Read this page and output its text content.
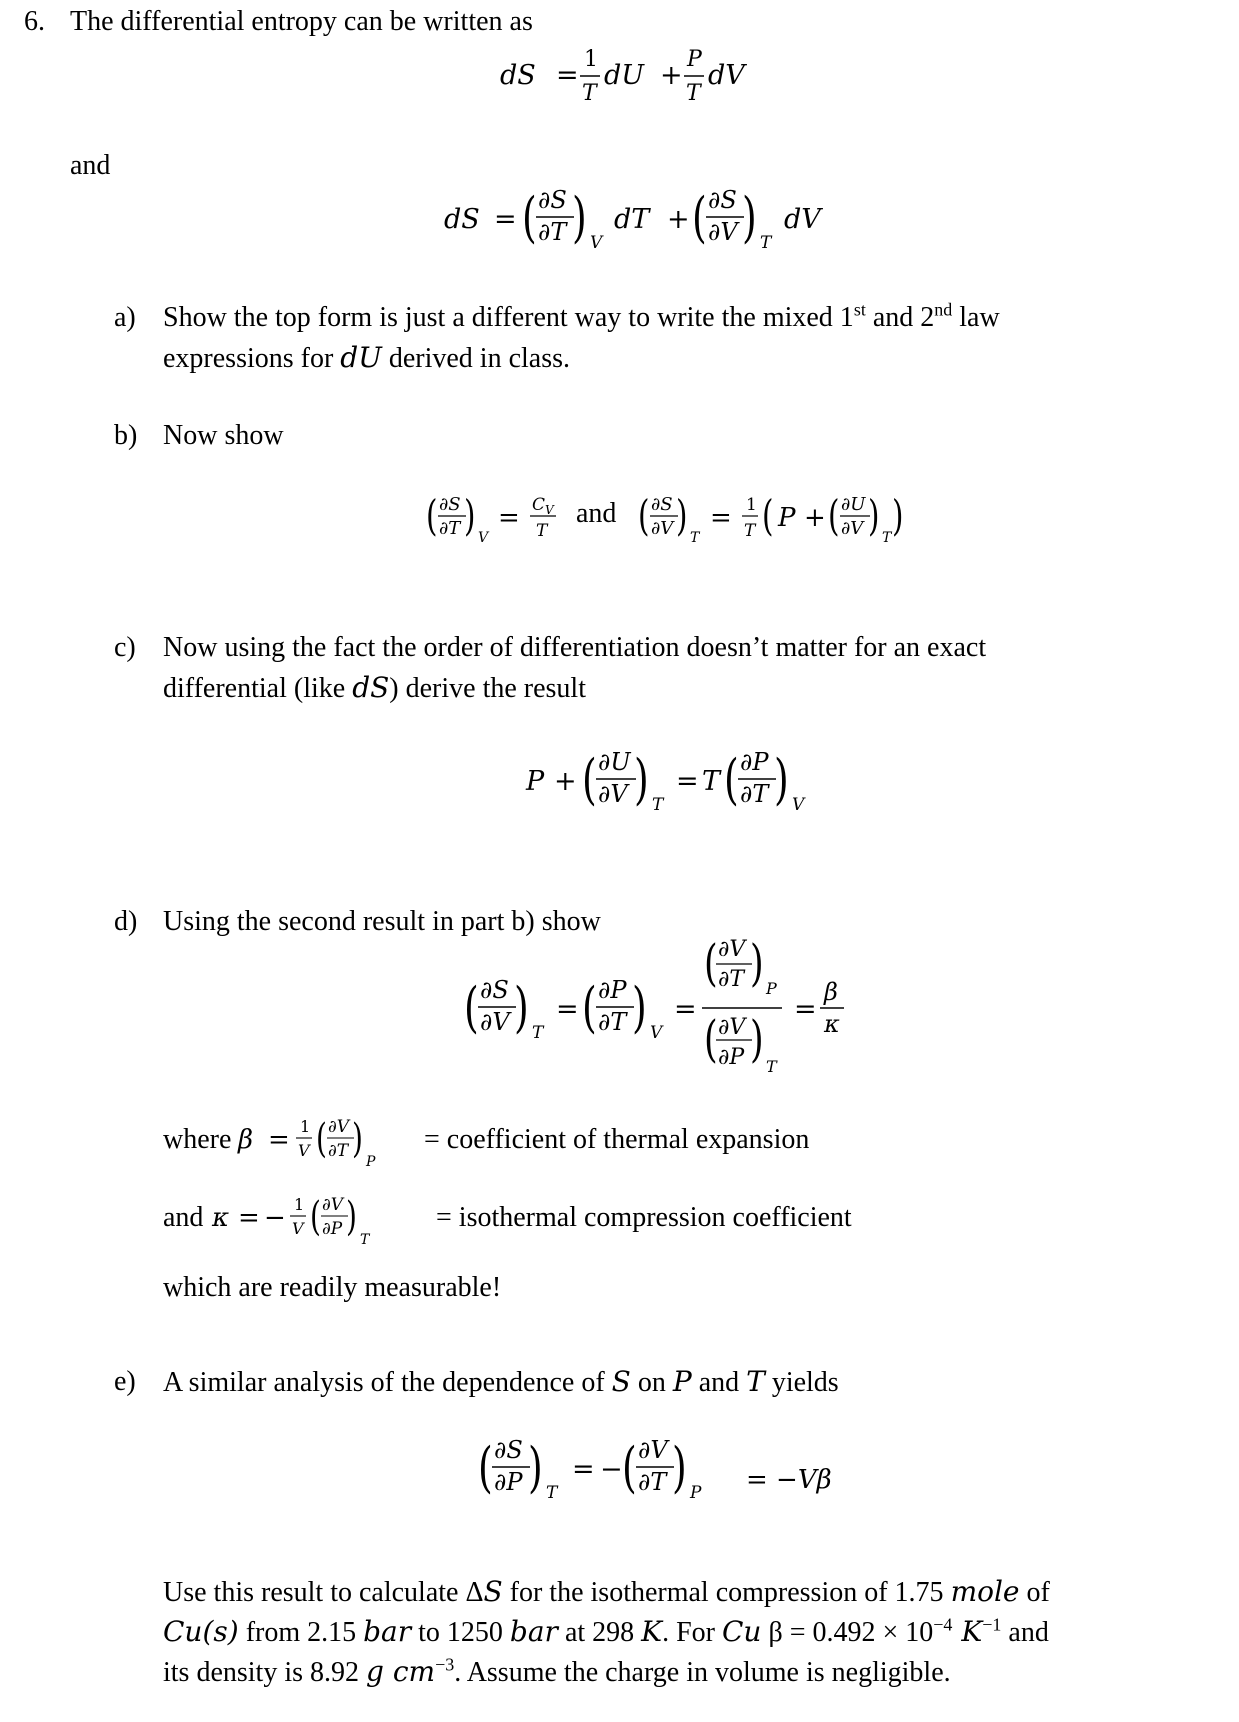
6. The differential entropy can be written as
dS =
1
T
dU +
P
T
dV
and
dS = ( ∂S
∂T ) V
dT + ( ∂S
∂V ) T
dV
a) Show the top form is just a different way to write the mixed 1st and 2nd law
expressions for dU derived in class.
b) Now show
( ∂S
∂T ) V
= $C_V$
T
and ( ∂S
∂V ) T
= 1
T ( P + ( ∂U
∂V ) T )
c) Now using the fact the order of differentiation doesn’t matter for an exact
differential (like dS) derive the result
P + ( ∂U
∂V ) T
= T ( ∂P
∂T ) V
d) Using the second result in part b) show
( ∂S
∂V ) T
= ( ∂P
∂T ) V
=
( ∂V
∂T ) P
( ∂V
∂P ) T
=
β
κ
where β = 1
V ( ∂V
∂T ) P
= coefficient of thermal expansion
and κ = − 1
V ( ∂V
∂P ) T
= isothermal compression coefficient
which are readily measurable!
e) A similar analysis of the dependence of S on P and T yields
( ∂S
∂P ) T
= − ( ∂V
∂T ) P = −Vβ
Use this result to calculate ΔS for the isothermal compression of 1.75 mole of
Cu(s) from 2.15 bar to 1250 bar at 298 K. For Cu $\beta = 0.492 \times 10^{-4}$ $K^{-1}$ and
its density is 8.92 g $cm^{-3}$. Assume the charge in volume is negligible.
